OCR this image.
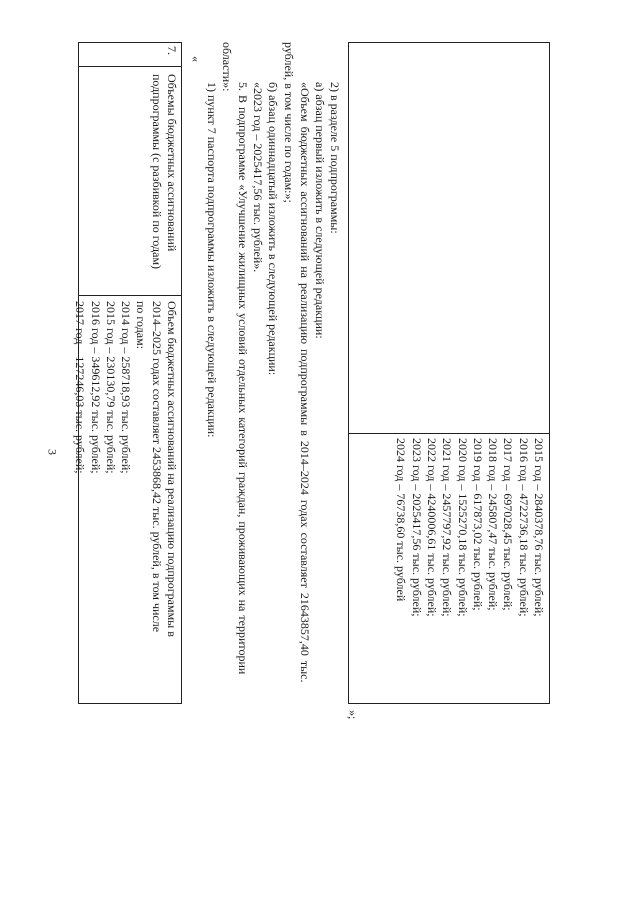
3	2015 год – 2840378,76 тыс. рублей;
2016 год – 4722736,18 тыс. рублей;
2017 год – 697028,45 тыс. рублей;
2018 год – 245807,47 тыс. рублей;
2019 год – 617873,02 тыс. рублей;
2020 год – 1525270,18 тыс. рублей;
2021 год – 2457797,92 тыс. рублей;
2022 год – 4240006,61 тыс. рублей;
2023 год – 2025417,56 тыс. рублей;
2024 год – 76738,60 тыс. рублей
»;
2) в разделе 5 подпрограммы:
а) абзац первый изложить в следующей редакции:
«Объем бюджетных ассигнований на реализацию подпрограммы в 2014–2024 годах составляет 21643857,40 тыс.
рублей, в том числе по годам:»;
б) абзац одиннадцатый изложить в следующей редакции:
«2023 год – 2025417,56 тыс. рублей».
5. В подпрограмме «Улучшение жилищных условий отдельных категорий граждан, проживающих на территории
области»:
1) пункт 7 паспорта подпрограммы изложить в следующей редакции:
«
7.
Объемы бюджетных ассигнований подпрограммы (с разбивкой по годам)
Объем бюджетных ассигнований на реализацию подпрограммы в
2014–2025 годах составляет 2453868,42 тыс. рублей, в том числе
по годам:
2014 год – 258718,93 тыс. рублей;
2015 год – 230130,79 тыс. рублей;
2016 год – 349612,92 тыс. рублей;
2017 год – 127246,03 тыс. рублей;
